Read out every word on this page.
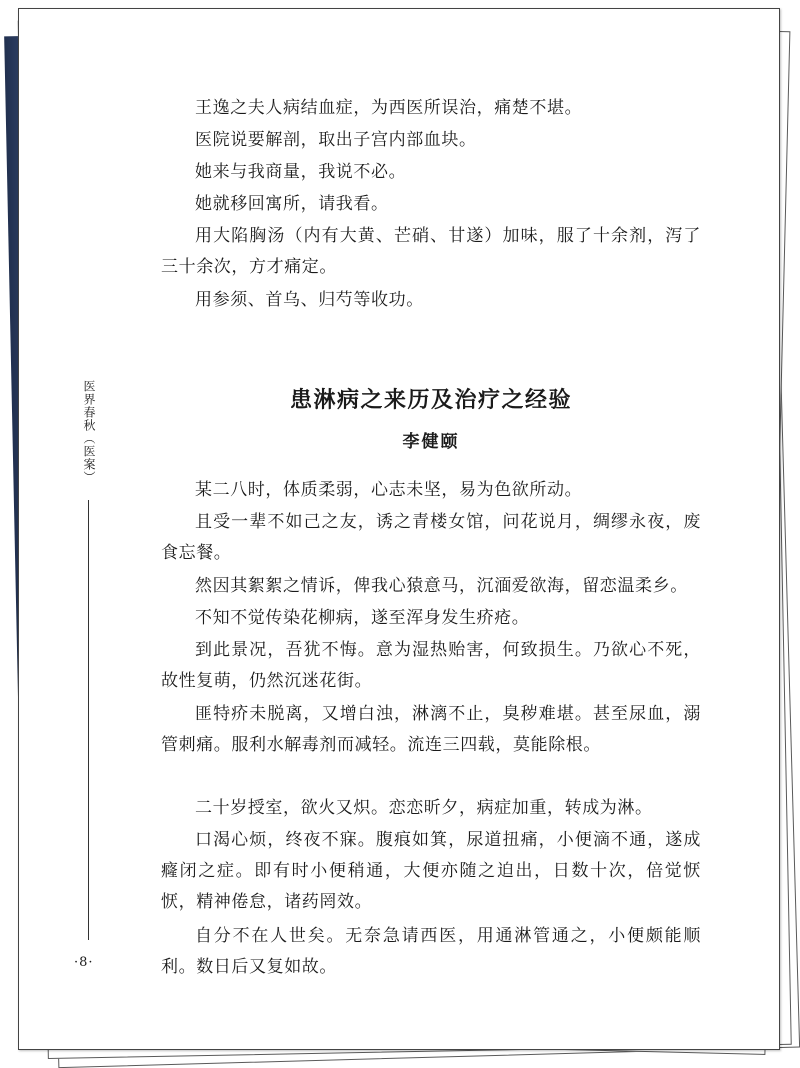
王逸之夫人病结血症，为西医所误治，痛楚不堪。

医院说要解剖，取出子宫内部血块。

她来与我商量，我说不必。

她就移回寓所，请我看。

用大陷胸汤（内有大黄、芒硝、甘遂）加味，服了十余剂，泻了三十余次，方才痛定。

用参须、首乌、归芍等收功。

患淋病之来历及治疗之经验
李健颐

某二八时，体质柔弱，心志未坚，易为色欲所动。

且受一辈不如己之友，诱之青楼女馆，问花说月，绸缪永夜，废食忘餐。

然因其絮絮之情诉，俾我心猿意马，沉湎爱欲海，留恋温柔乡。

不知不觉传染花柳病，遂至浑身发生疥疮。

到此景况，吾犹不悔。意为湿热贻害，何致损生。乃欲心不死，故性复萌，仍然沉迷花街。

匪特疥未脱离，又增白浊，淋漓不止，臭秽难堪。甚至尿血，溺管刺痛。服利水解毒剂而减轻。流连三四载，莫能除根。

二十岁授室，欲火又炽。恋恋昕夕，病症加重，转成为淋。

口渴心烦，终夜不寐。腹痕如箕，尿道扭痛，小便滴不通，遂成癃闭之症。即有时小便稍通，大便亦随之迫出，日数十次，倍觉恹恹，精神倦怠，诸药罔效。

自分不在人世矣。无奈急请西医，用通淋管通之，小便颇能顺利。数日后又复如故。

医界春秋（医案）
·8·
